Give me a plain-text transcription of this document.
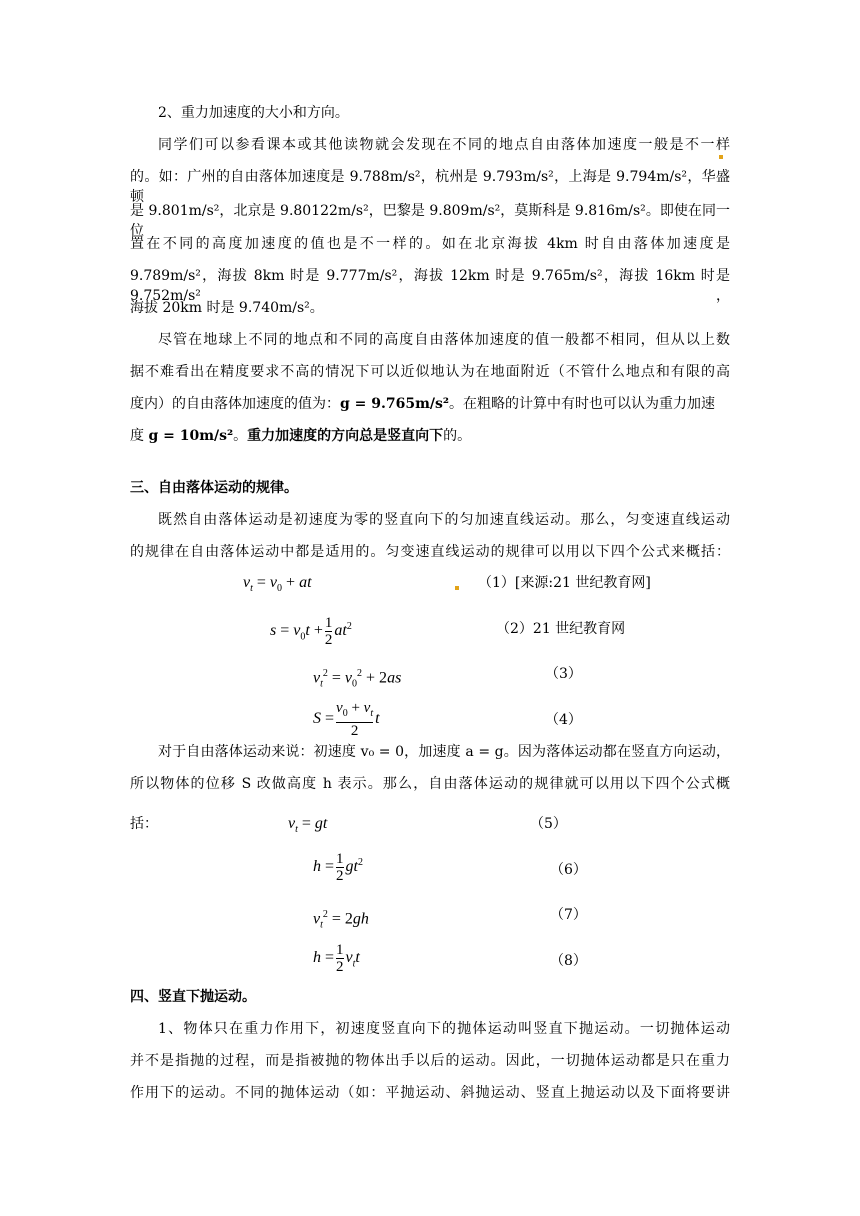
2、重力加速度的大小和方向。
同学们可以参看课本或其他读物就会发现在不同的地点自由落体加速度一般是不一样
的。如：广州的自由落体加速度是 9.788m/s²，杭州是 9.793m/s²，上海是 9.794m/s²，华盛顿
是 9.801m/s²，北京是 9.80122m/s²，巴黎是 9.809m/s²，莫斯科是 9.816m/s²。即使在同一位
置在不同的高度加速度的值也是不一样的。如在北京海拔 4km 时自由落体加速度是
9.789m/s²，海拔 8km 时是 9.777m/s²，海拔 12km 时是 9.765m/s²，海拔 16km 时是 9.752m/s²，
海拔 20km 时是 9.740m/s²。
尽管在地球上不同的地点和不同的高度自由落体加速度的值一般都不相同，但从以上数
据不难看出在精度要求不高的情况下可以近似地认为在地面附近（不管什么地点和有限的高
度内）的自由落体加速度的值为：g = 9.765m/s²。在粗略的计算中有时也可以认为重力加速
度 g = 10m/s²。重力加速度的方向总是竖直向下的。
三、自由落体运动的规律。
既然自由落体运动是初速度为零的竖直向下的匀加速直线运动。那么，匀变速直线运动
的规律在自由落体运动中都是适用的。匀变速直线运动的规律可以用以下四个公式来概括：
$v_t = v_0$ + at	（1）[来源:21 世纪教育网]
$s = v_0t + \frac{1}{2} at^2$	（2）21 世纪教育网
$v_t^2 = v_0^2 + 2as$	（3）
$S = \frac{v_0 + v_t}{2}$ t	（4）
对于自由落体运动来说：初速度 v₀ = 0，加速度 a = g。因为落体运动都在竖直方向运动，
所以物体的位移 S 改做高度 h 表示。那么，自由落体运动的规律就可以用以下四个公式概
括：	$v_t$ = gt	（5）
$h = \frac{1}{2} gt^2$	（6）
$v_t^2 = 2gh$	（7）
$h = \frac{1}{2} v_tt$	（8）
四、竖直下抛运动。
1、物体只在重力作用下，初速度竖直向下的抛体运动叫竖直下抛运动。一切抛体运动
并不是指抛的过程，而是指被抛的物体出手以后的运动。因此，一切抛体运动都是只在重力
作用下的运动。不同的抛体运动（如：平抛运动、斜抛运动、竖直上抛运动以及下面将要讲
